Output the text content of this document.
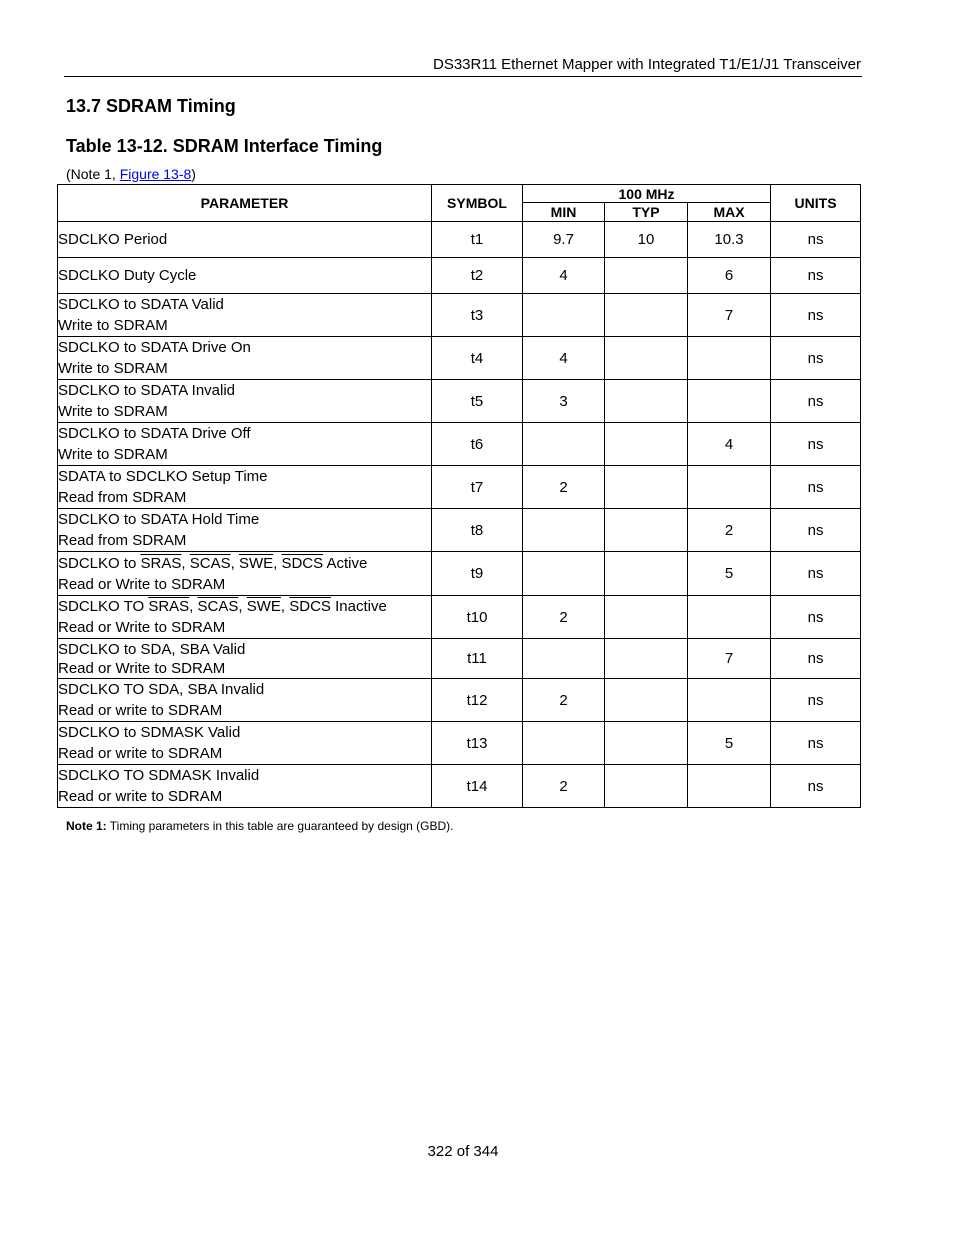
DS33R11 Ethernet Mapper with Integrated T1/E1/J1 Transceiver
13.7 SDRAM Timing
Table 13-12. SDRAM Interface Timing
(Note 1, Figure 13-8)
PARAMETER	SYMBOL	100 MHz			UNITS
		MIN	TYP	MAX	
SDCLKO Period	t1	9.7	10	10.3	ns
SDCLKO Duty Cycle	t2	4		6	ns

SDCLKO to SDATA Valid
Write to SDRAM	t3			7	ns

SDCLKO to SDATA Drive On
Write to SDRAM	t4	4			ns

SDCLKO to SDATA Invalid
Write to SDRAM	t5	3			ns

SDCLKO to SDATA Drive Off
Write to SDRAM	t6			4	ns

SDATA to SDCLKO Setup Time
Read from SDRAM	t7	2			ns

SDCLKO to SDATA Hold Time
Read from SDRAM	t8			2	ns

SDCLKO to SRAS, SCAS, $\overline{SWE}$, SDCS Active
Read or Write to SDRAM	t9			5	ns

SDCLKO TO SRAS, SCAS, $\overline{SWE}$, SDCS Inactive
Read or Write to SDRAM	t10	2			ns

SDCLKO to SDA, SBA Valid
Read or Write to SDRAM	t11			7	ns

SDCLKO TO SDA, SBA Invalid
Read or write to SDRAM	t12	2			ns

SDCLKO to SDMASK Valid
Read or write to SDRAM	t13			5	ns

SDCLKO TO SDMASK Invalid
Read or write to SDRAM	t14	2			ns
Note 1: Timing parameters in this table are guaranteed by design (GBD).
322 of 344
